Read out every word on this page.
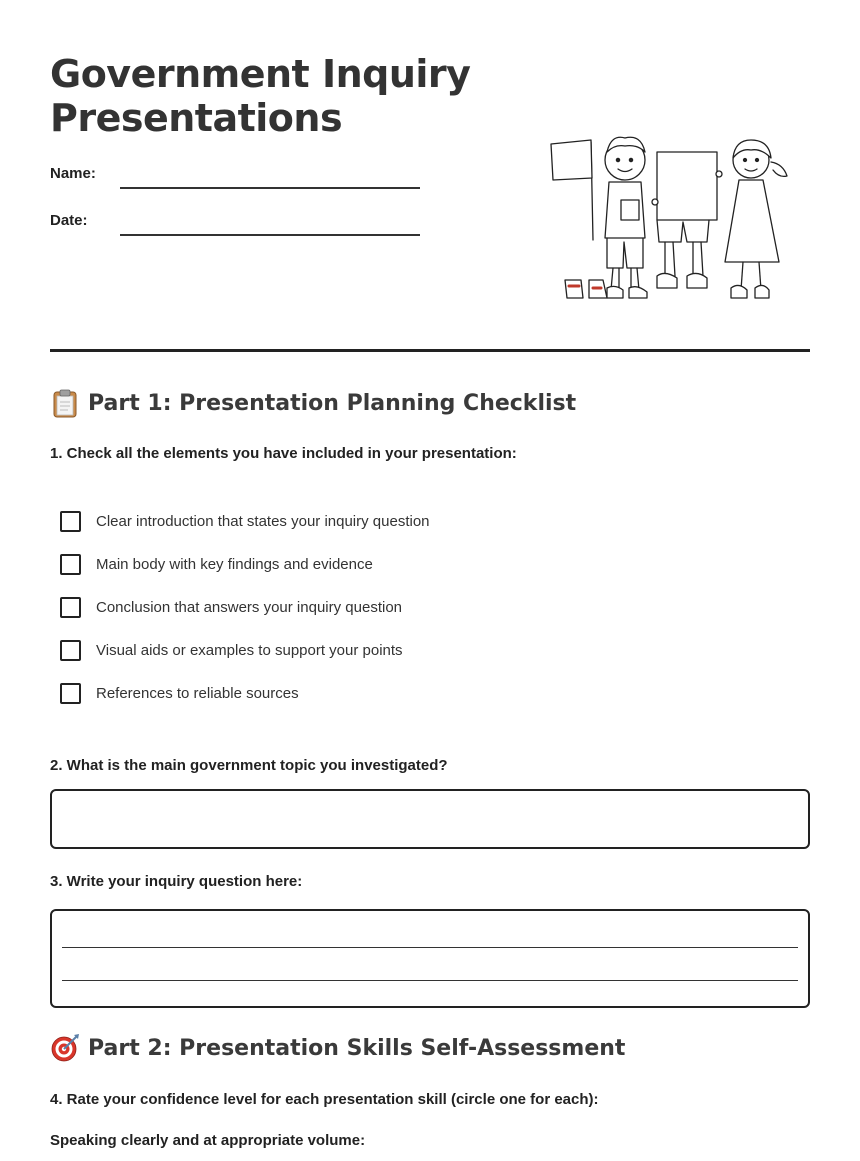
Government Inquiry
Presentations
Name:
Date:
Part 1: Presentation Planning Checklist
1. Check all the elements you have included in your presentation:
Clear introduction that states your inquiry question
Main body with key findings and evidence
Conclusion that answers your inquiry question
Visual aids or examples to support your points
References to reliable sources
2. What is the main government topic you investigated?
3. Write your inquiry question here:
Part 2: Presentation Skills Self-Assessment
4. Rate your confidence level for each presentation skill (circle one for each):
Speaking clearly and at appropriate volume:
